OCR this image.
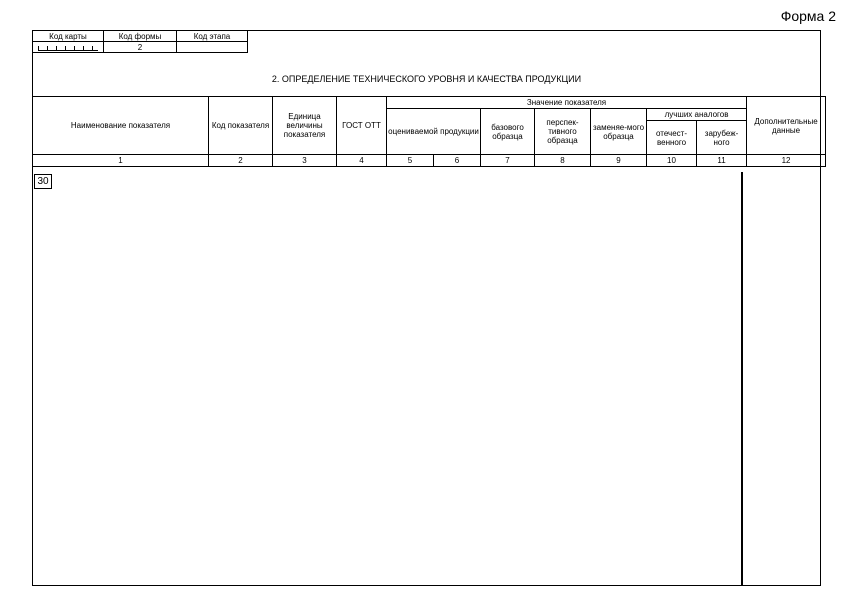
Форма 2
Код карты	Код формы	Код этапа

	2	
2. ОПРЕДЕЛЕНИЕ ТЕХНИЧЕСКОГО УРОВНЯ И КАЧЕСТВА ПРОДУКЦИИ
Наименование показателя	Код показателя	Единица величины показателя	ГОСТ ОТТ	Значение показателя							Дополнительные данные
				оцениваемой продукции		базового образца	перспек-тивного образца	заменяе-мого образца	лучших аналогов		
									отечест-венного	зарубеж-ного	
1	2	3	4	5	6	7	8	9	10	11	12
30
